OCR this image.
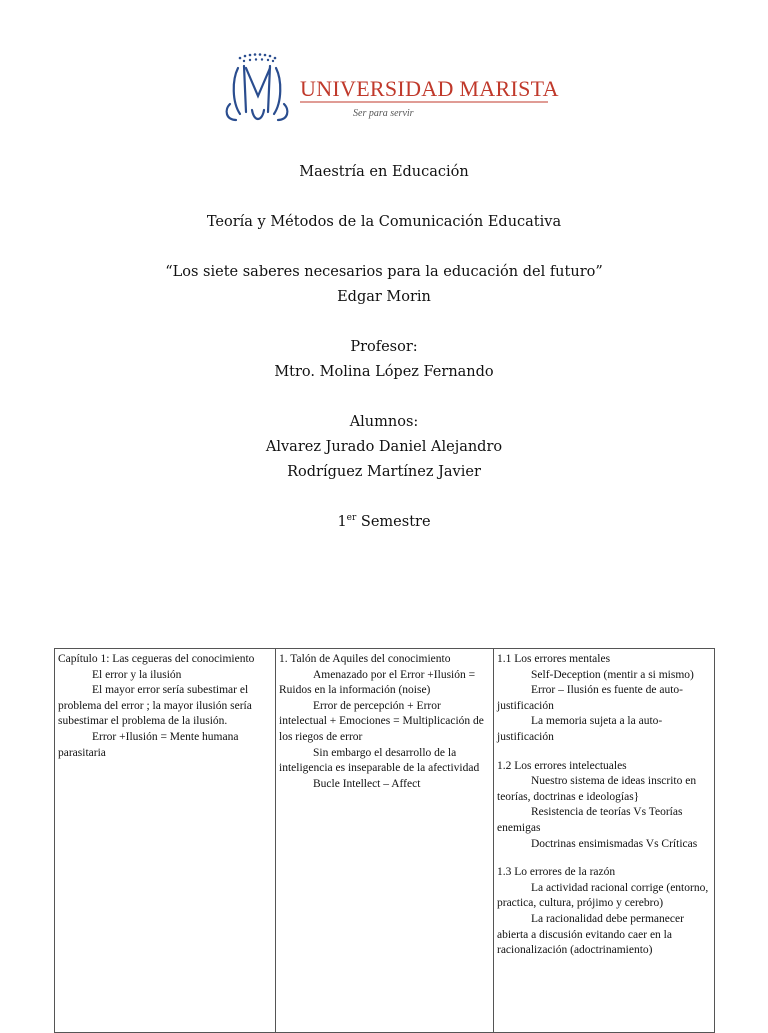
UNIVERSIDAD MARISTA
Ser para servir

Maestría en Educación

Teoría y Métodos de la Comunicación Educativa

“Los siete saberes necesarios para la educación del futuro”
Edgar Morin

Profesor:
Mtro. Molina López Fernando

Alumnos:
Alvarez Jurado Daniel Alejandro
Rodríguez Martínez Javier

1er Semestre

Capítulo 1: Las cegueras del conocimiento
El error y la ilusión
El mayor error sería subestimar el problema del error ; la mayor ilusión sería subestimar el problema de la ilusión.
Error +Ilusión = Mente humana parasitaria

1. Talón de Aquiles del conocimiento
Amenazado por el Error +Ilusión = Ruidos en la información (noise)
Error de percepción + Error intelectual + Emociones = Multiplicación de los riegos de error
Sin embargo el desarrollo de la inteligencia es inseparable de la afectividad
Bucle Intellect – Affect

1.1 Los errores mentales
Self-Deception (mentir a si mismo)
Error – Ilusión es fuente de auto-justificación
La memoria sujeta a la auto-justificación
1.2 Los errores intelectuales
Nuestro sistema de ideas inscrito en teorías, doctrinas e ideologías}
Resistencia de teorías Vs Teorías enemigas
Doctrinas ensimismadas Vs Críticas
1.3 Lo errores de la razón
La actividad racional corrige (entorno, practica, cultura, prójimo y cerebro)
La racionalidad debe permanecer abierta a discusión evitando caer en la racionalización (adoctrinamiento)
